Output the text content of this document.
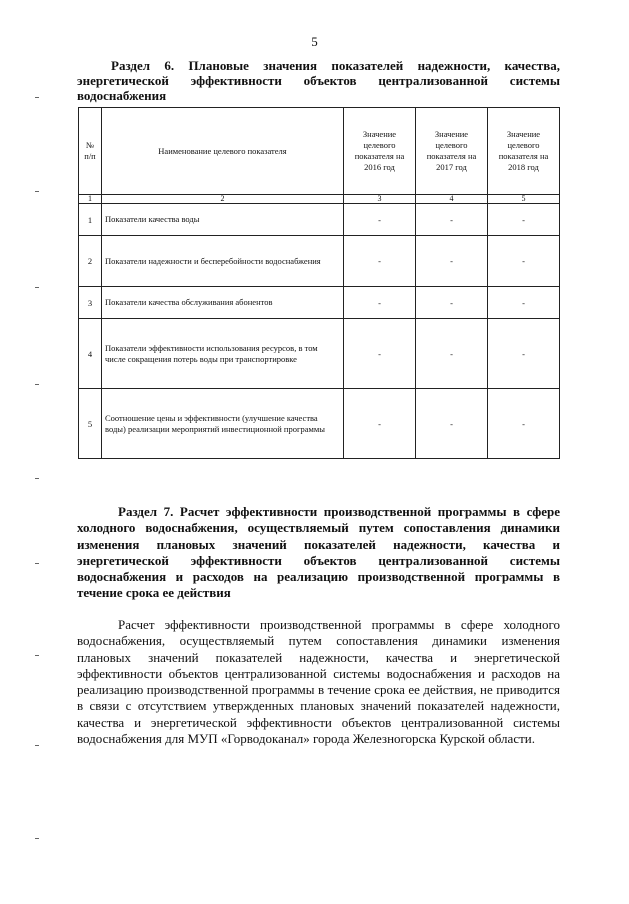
5

Раздел 6. Плановые значения показателей надежности, качества, энергетической эффективности объектов централизованной системы водоснабжения

№ п/п	Наименование целевого показателя	Значение целевого показателя на 2016 год	Значение целевого показателя на 2017 год	Значение целевого показателя на 2018 год
1	2	3	4	5
1	Показатели качества воды	-	-	-
2	Показатели надежности и бесперебойности водоснабжения	-	-	-
3	Показатели качества обслуживания абонентов	-	-	-
4	Показатели эффективности использования ресурсов, в том числе сокращения потерь воды при транспортировке	-	-	-
5	Соотношение цены и эффективности (улучшение качества воды) реализации мероприятий инвестиционной программы	-	-	-

Раздел 7. Расчет эффективности производственной программы в сфере холодного водоснабжения, осуществляемый путем сопоставления динамики изменения плановых значений показателей надежности, качества и энергетической эффективности объектов централизованной системы водоснабжения и расходов на реализацию производственной программы в течение срока ее действия

Расчет эффективности производственной программы в сфере холодного водоснабжения, осуществляемый путем сопоставления динамики изменения плановых значений показателей надежности, качества и энергетической эффективности объектов централизованной системы водоснабжения и расходов на реализацию производственной программы в течение срока ее действия, не приводится в связи с отсутствием утвержденных плановых значений показателей надежности, качества и энергетической эффективности объектов централизованной системы водоснабжения для МУП «Горводоканал» города Железногорска Курской области.
